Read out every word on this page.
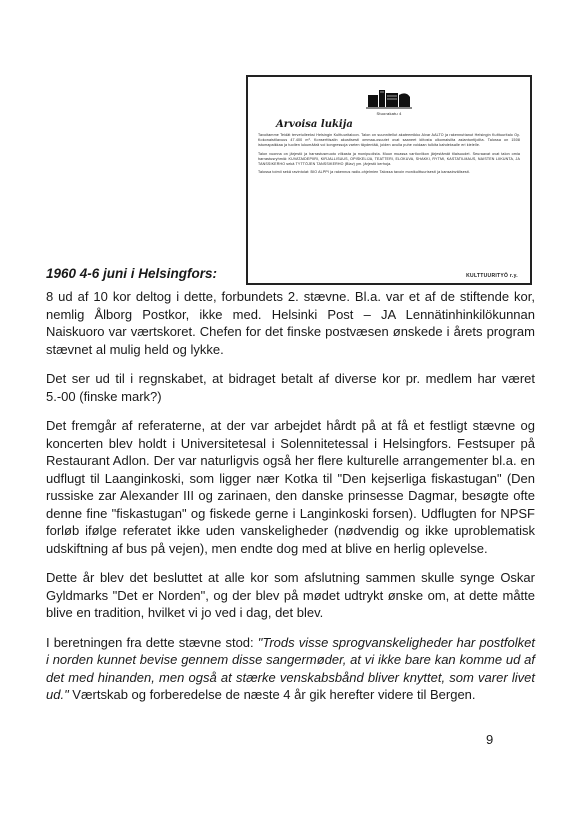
Stuorakatu 4
Arvoisa lukija

Tavoitamme Teidät tervetulleeksi Helsingin Kulttuuritaloon. Talon on suunnitellut akateemikko Alvar AALTO ja rakennuttanut Helsingin Kulttuuritalo Oy. Kokonaistilavuus 47.400 m³. Konserttisalin akustisesti ommaa-osuutet ovat saaneet kiitosta ulkomaisilta asiantuntijoilta. Talossa on 1508 istumapaikkaa ja tuolien lukumäärä voi kongressoja varten täydentää, joiden avulla puhe voidaan tulkita kahdeksalle eri kielelle.

Talon vuonna on järjestö ja harrastusmuoto vilkasta ja monipuolista. Muun muassa vartioviikon järjestämät tilaisuudet. Seuraavat ovat talon omia harrastusryhmiä: KUVATAIDEPIIRI, KIRJALLISUUS, OPISKELIJA, TEATTERI, ELOKUVA, SHAKKI, RYTMI, KASTATILMAUS, NAISTEN LIIKUNTA, JA TANSSIKERHO sekä TYTTÖJEN TANSSIKERHO (Blav) ym. järjestö kerhoja.

Talossa toimii sekä ravintolat: BIO ALPPI ja rakennus radio-ohjelmien Talossa tavoin monikulttuurisesti ja kansainvälisesti.

KULTTUURITYÖ r.y.
1960 4-6 juni i Helsingfors:

8 ud af 10 kor deltog i dette, forbundets 2. stævne. Bl.a. var et af de stiftende kor, nemlig Ålborg Postkor, ikke med. Helsinki Post – JA Lennätinhinkilökunnan Naiskuoro var værtskoret. Chefen for det finske postvæsen ønskede i årets program stævnet al mulig held og lykke.

Det ser ud til i regnskabet, at bidraget betalt af diverse kor pr. medlem har været 5.-00 (finske mark?)

Det fremgår af referaterne, at der var arbejdet hårdt på at få et festligt stævne og koncerten blev holdt i Universitetesal i Solennitetessal i Helsingfors. Festsuper på Restaurant Adlon. Der var naturligvis også her flere kulturelle arrangementer bl.a. en udflugt til Laanginkoski, som ligger nær Kotka til "Den kejserliga fiskastugan" (Den russiske zar Alexander III og zarinaen, den danske prinsesse Dagmar, besøgte ofte denne fine "fiskastugan" og fiskede gerne i Langinkoski forsen). Udflugten for NPSF forløb ifølge referatet ikke uden vanskeligheder (nødvendig og ikke uproblematisk udskiftning af bus på vejen), men endte dog med at blive en herlig oplevelse.

Dette år blev det besluttet at alle kor som afslutning sammen skulle synge Oskar Gyldmarks "Det er Norden", og der blev på mødet udtrykt ønske om, at dette måtte blive en tradition, hvilket vi jo ved i dag, det blev.

I beretningen fra dette stævne stod: "Trods visse sprogvanskeligheder har postfolket i norden kunnet bevise gennem disse sangermøder, at vi ikke bare kan komme ud af det med hinanden, men også at stærke venskabsbånd bliver knyttet, som varer livet ud." Værtskab og forberedelse de næste 4 år gik herefter videre til Bergen.

9
